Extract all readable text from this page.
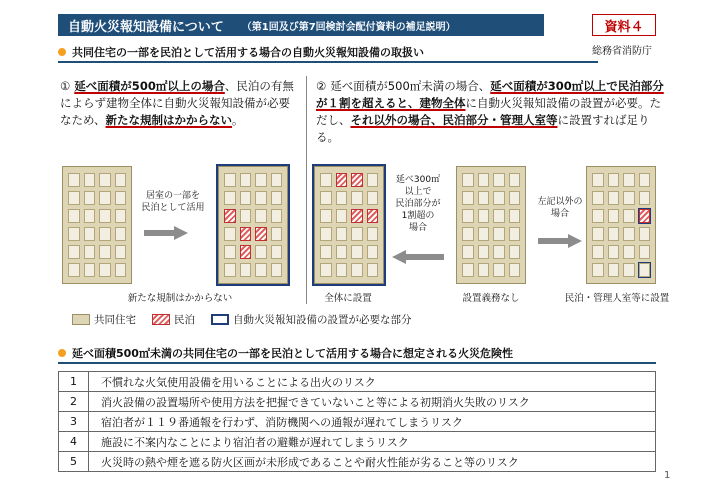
自動火災報知設備について （第1回及び第7回検討会配付資料の補足説明）	資料４
総務省消防庁
共同住宅の一部を民泊として活用する場合の自動火災報知設備の取扱い
① 延べ面積が500㎡以上の場合、民泊の有無によらず建物全体に自動火災報知設備が必要なため、新たな規制はかからない。
② 延べ面積が500㎡未満の場合、延べ面積が300㎡以上で民泊部分が１割を超えると、建物全体に自動火災報知設備の設置が必要。ただし、それ以外の場合、民泊部分・管理人室等に設置すれば足りる。
居室の一部を
民泊として活用
新たな規制はかからない	全体に設置
延べ300㎡
以上で
民泊部分が
1割超の
場合
設置義務なし
左記以外の
場合
民泊・管理人室等に設置
共同住宅	民泊	自動火災報知設備の設置が必要な部分
延べ面積500㎡未満の共同住宅の一部を民泊として活用する場合に想定される火災危険性
1	不慣れな火気使用設備を用いることによる出火のリスク
2	消火設備の設置場所や使用方法を把握できていないこと等による初期消火失敗のリスク
3	宿泊者が１１９番通報を行わず、消防機関への通報が遅れてしまうリスク
4	施設に不案内なことにより宿泊者の避難が遅れてしまうリスク
5	火災時の熱や煙を遮る防火区画が未形成であることや耐火性能が劣ること等のリスク
1
